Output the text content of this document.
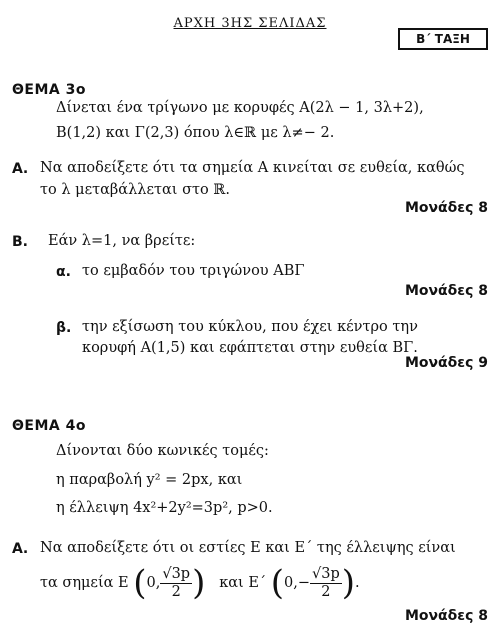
ΑΡΧΗ 3ΗΣ ΣΕΛΙΔΑΣ
Β΄ ΤΑΞΗ
ΘΕΜΑ 3ο
Δίνεται ένα τρίγωνο με κορυφές Α(2λ − 1, 3λ+2),
Β(1,2) και Γ(2,3) όπου λ∈ℝ με λ≠− 2.
Α. Να αποδείξετε ότι τα σημεία Α κινείται σε ευθεία, καθώς
το λ μεταβάλλεται στο ℝ.
Μονάδες 8
Β. Εάν λ=1, να βρείτε:
α. το εμβαδόν του τριγώνου ΑΒΓ
Μονάδες 8
β. την εξίσωση του κύκλου, που έχει κέντρο την
κορυφή Α(1,5) και εφάπτεται στην ευθεία ΒΓ.
Μονάδες 9
ΘΕΜΑ 4ο
Δίνονται δύο κωνικές τομές:
η παραβολή y² = 2px, και
η έλλειψη 4x²+2y²=3p², p>0.
Α. Να αποδείξετε ότι οι εστίες Ε και Ε΄ της έλλειψης είναι
τα σημεία Ε (0, $\frac{√3p}{2}$ ) και Ε΄ ($0,- \frac{√3p}{2}$ ).
Μονάδες 8
